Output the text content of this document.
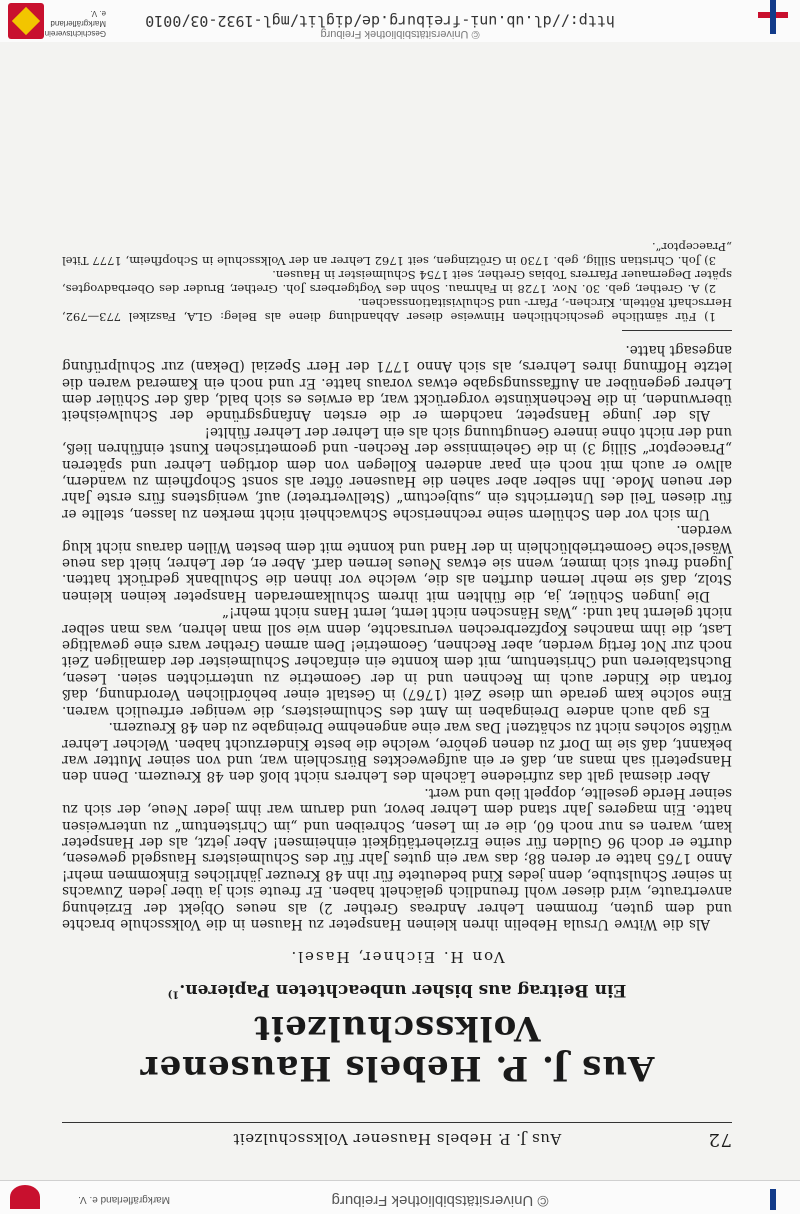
Geschichtsverein Markgräflerland e. V.	http://dl.ub.uni-freiburg.de/diglit/mgl-1932-03/0010
© Universitätsbibliothek Freiburg
72
Aus J. P. Hebels Hausener Volksschulzeit
Aus J. P. Hebels Hausener Volksschulzeit
Ein Beitrag aus bisher unbeachteten Papieren.$^{1)}$
Von H. Eichner, Hasel.

Als die Witwe Ursula Hebelin ihren kleinen Hanspeter zu Hausen in die Volksschule brachte und dem guten, frommen Lehrer Andreas Grether 2) als neues Objekt der Erziehung anvertraute, wird dieser wohl freundlich gelächelt haben. Er freute sich ja über jeden Zuwachs in seiner Schulstube, denn jedes Kind bedeutete für ihn 48 Kreuzer jährliches Einkommen mehr! Anno 1765 hatte er deren 88; das war ein gutes Jahr für des Schulmeisters Hausgeld gewesen, durfte er doch 96 Gulden für seine Erziehertätigkeit einheimsen! Aber jetzt, als der Hanspeter kam, waren es nur noch 60, die er im Lesen, Schreiben und „im Christentum“ zu unterweisen hatte. Ein mageres Jahr stand dem Lehrer bevor, und darum war ihm jeder Neue, der sich zu seiner Herde gesellte, doppelt lieb und wert.

Aber diesmal galt das zufriedene Lächeln des Lehrers nicht bloß den 48 Kreuzern. Denn den Hanspeterli sah mans an, daß er ein aufgewecktes Bürschlein war, und von seiner Mutter war bekannt, daß sie im Dorf zu denen gehöre, welche die beste Kinderzucht haben. Welcher Lehrer wüßte solches nicht zu schätzen! Das war eine angenehme Dreingabe zu den 48 Kreuzern.

Es gab auch andere Dreingaben im Amt des Schulmeisters, die weniger erfreulich waren. Eine solche kam gerade um diese Zeit (1767) in Gestalt einer behördlichen Verordnung, daß fortan die Kinder auch im Rechnen und in der Geometrie zu unterrichten seien. Lesen, Buchstabieren und Christentum, mit dem konnte ein einfacher Schulmeister der damaligen Zeit noch zur Not fertig werden, aber Rechnen, Geometrie! Dem armen Grether wars eine gewaltige Last, die ihm manches Kopfzerbrechen verursachte, denn wie soll man lehren, was man selber nicht gelernt hat und: „Was Hänschen nicht lernt, lernt Hans nicht mehr!“

Die jungen Schüler, ja, die fühlten mit ihrem Schulkameraden Hanspeter keinen kleinen Stolz, daß sie mehr lernen durften als die, welche vor ihnen die Schulbank gedrückt hatten. Jugend freut sich immer, wenn sie etwas Neues lernen darf. Aber er, der Lehrer, hielt das neue Wäsel'sche Geometrieblüchlein in der Hand und konnte mit dem besten Willen daraus nicht klug werden.

Um sich vor den Schülern seine rechnerische Schwachheit nicht merken zu lassen, stellte er für diesen Teil des Unterrichts ein „subjectum“ (Stellvertreter) auf, wenigstens fürs erste Jahr der neuen Mode. Ihn selber aber sahen die Hausener öfter als sonst Schopfheim zu wandern, allwo er auch mit noch ein paar anderen Kollegen von dem dortigen Lehrer und späteren „Praeceptor“ Sillig 3) in die Geheimnisse der Rechen- und geometrischen Kunst einführen ließ, und der nicht ohne innere Genugtuung sich als ein Lehrer der Lehrer fühlte!

Als der junge Hanspeter, nachdem er die ersten Anfangsgründe der Schulweisheit überwunden, in die Rechenkünste vorgerückt war, da erwies es sich bald, daß der Schüler dem Lehrer gegenüber an Auffassungsgabe etwas voraus hatte. Er und noch ein Kamerad waren die letzte Hoffnung ihres Lehrers, als sich Anno 1771 der Herr Spezial (Dekan) zur Schulprüfung angesagt hatte.

1) Für sämtliche geschichtlichen Hinweise dieser Abhandlung diene als Beleg: GLA, Faszikel 773—792, Herrschaft Rötteln. Kirchen-, Pfarr- und Schulvisitationssachen.

2) A. Grether, geb. 30. Nov. 1728 in Fahrnau. Sohn des Vogtgerbers Joh. Grether, Bruder des Oberbadvogtes, später Degernauer Pfarrers Tobias Grether, seit 1754 Schulmeister in Hausen.

3) Joh. Christian Sillig, geb. 1730 in Grötzingen, seit 1762 Lehrer an der Volksschule in Schopfheim, 1777 Titel „Praeceptor“.

Markgräflerland e. V.	© Universitätsbibliothek Freiburg
